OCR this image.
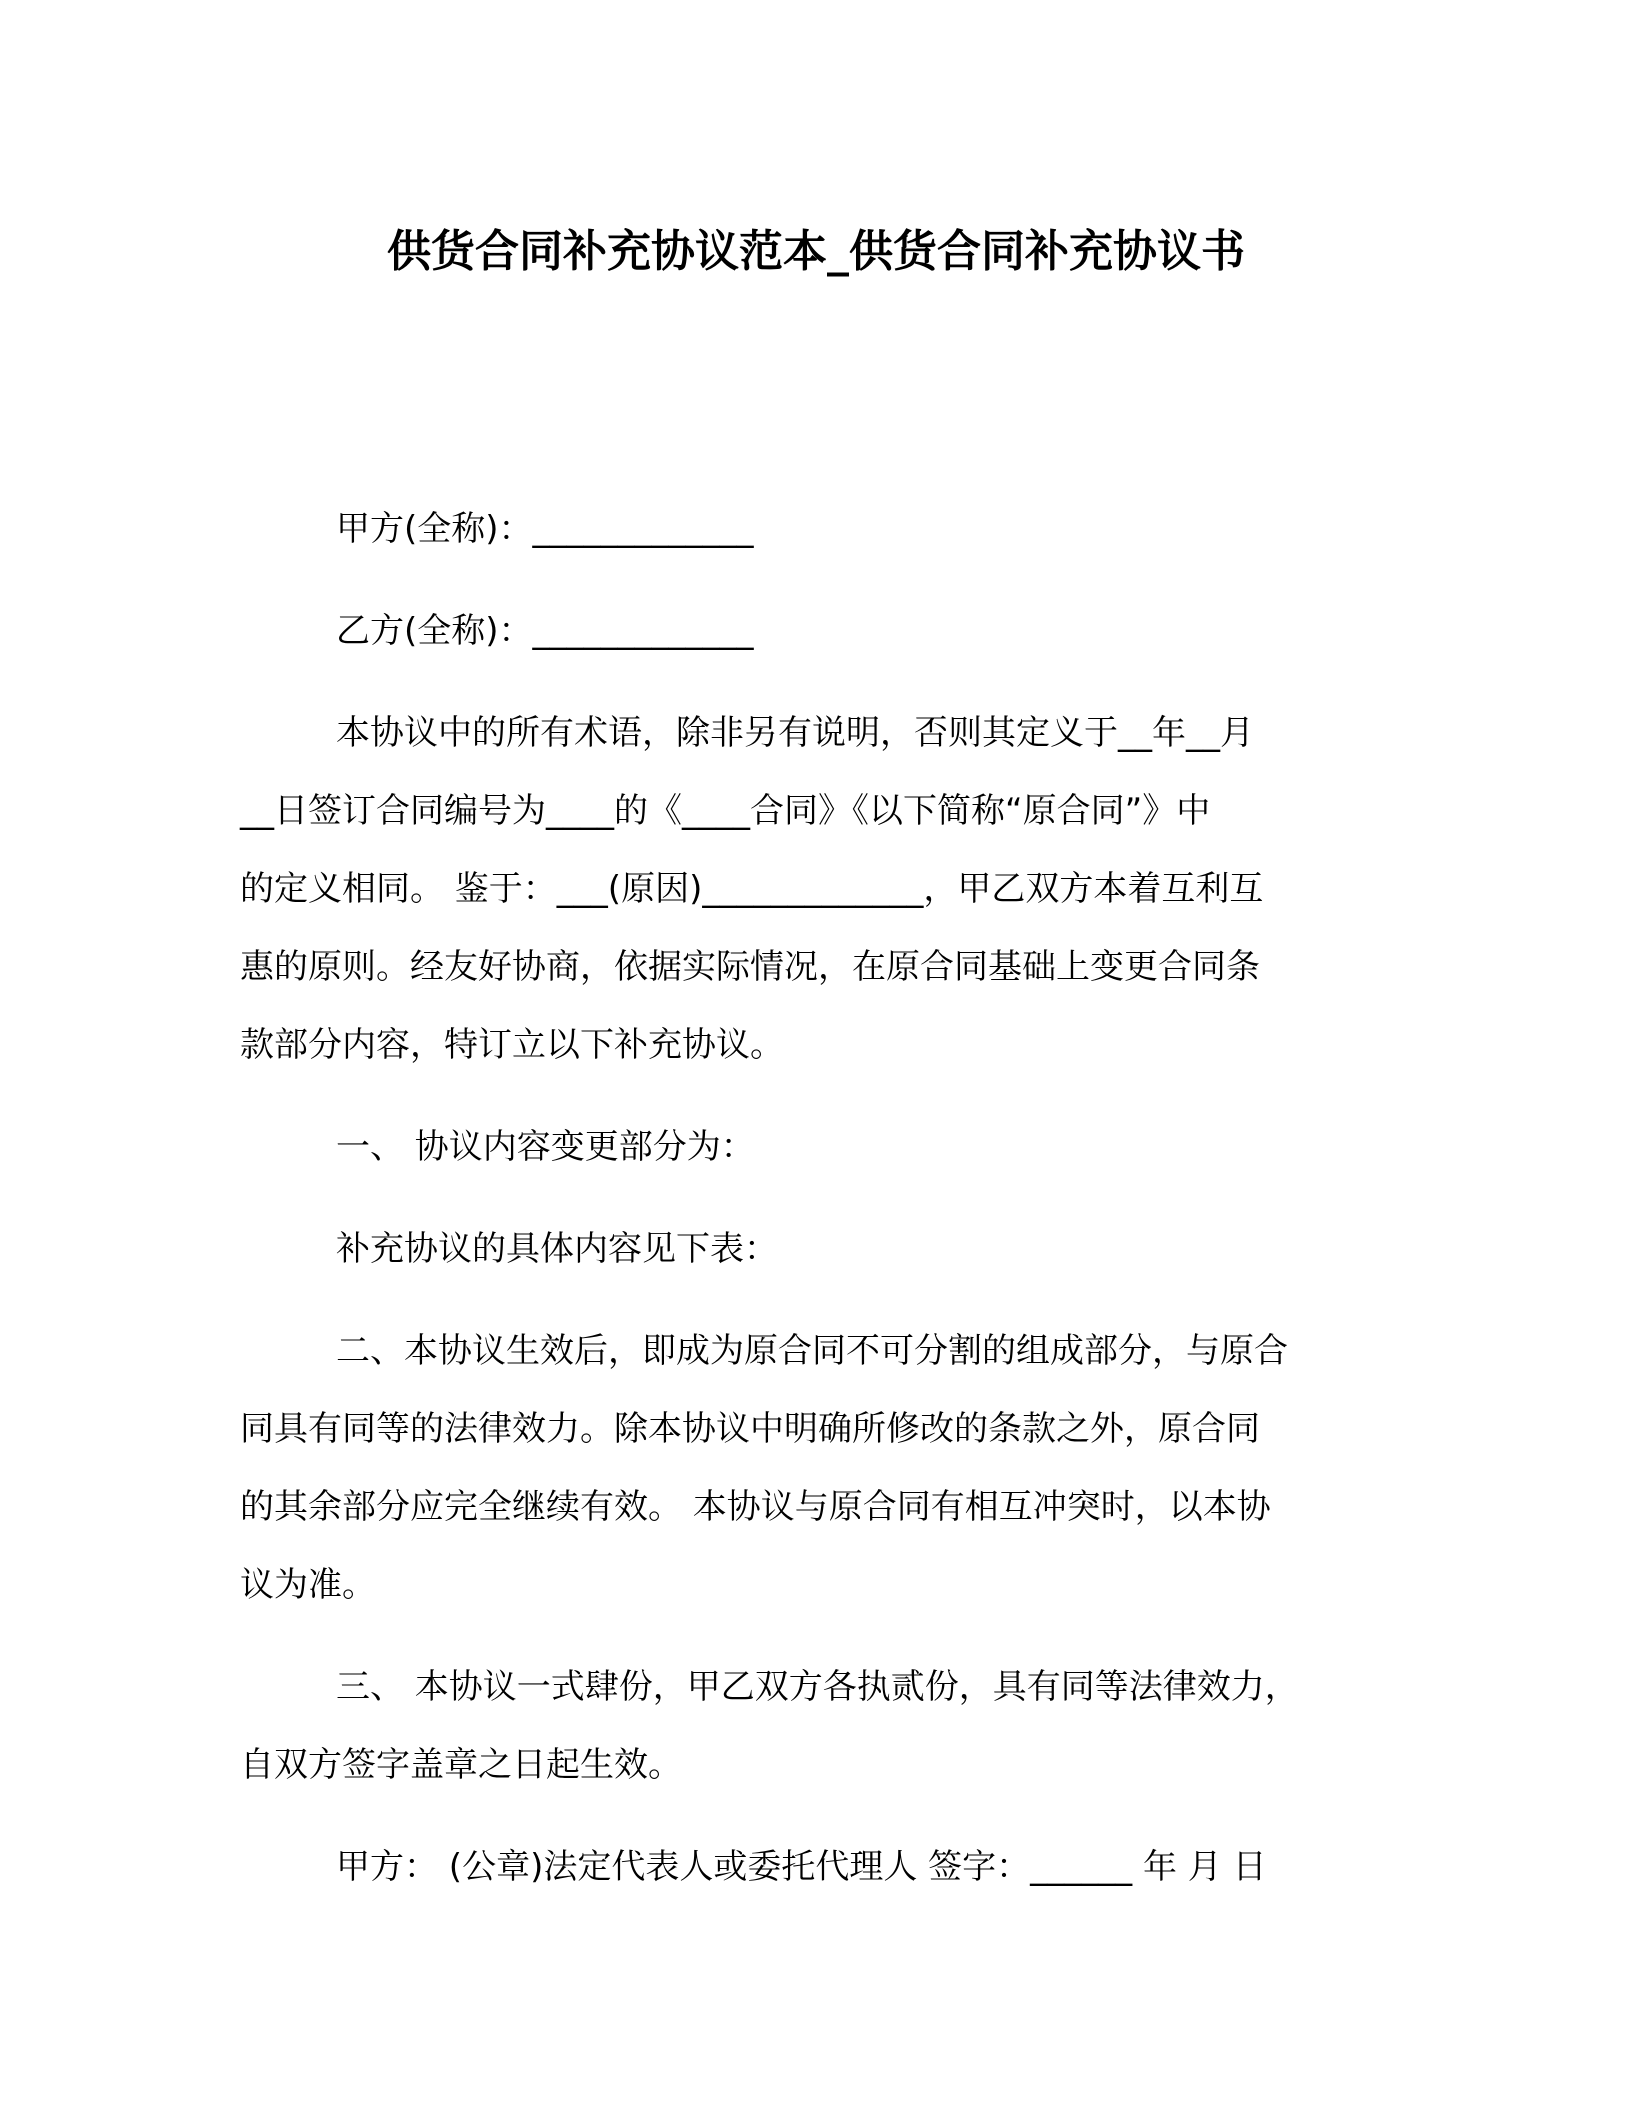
供货合同补充协议范本_供货合同补充协议书
甲方(全称)：_____________
乙方(全称)：_____________
本协议中的所有术语，除非另有说明，否则其定义于__年__月
__日签订合同编号为____的《____合同》《以下简称“原合同”》中
的定义相同。 鉴于：___(原因)_____________，甲乙双方本着互利互
惠的原则。经友好协商，依据实际情况，在原合同基础上变更合同条
款部分内容，特订立以下补充协议。
一、 协议内容变更部分为：
补充协议的具体内容见下表：
二、本协议生效后，即成为原合同不可分割的组成部分，与原合
同具有同等的法律效力。除本协议中明确所修改的条款之外，原合同
的其余部分应完全继续有效。 本协议与原合同有相互冲突时，以本协
议为准。
三、 本协议一式肆份，甲乙双方各执贰份，具有同等法律效力，
自双方签字盖章之日起生效。
甲方： (公章)法定代表人或委托代理人 签字：______ 年 月 日
